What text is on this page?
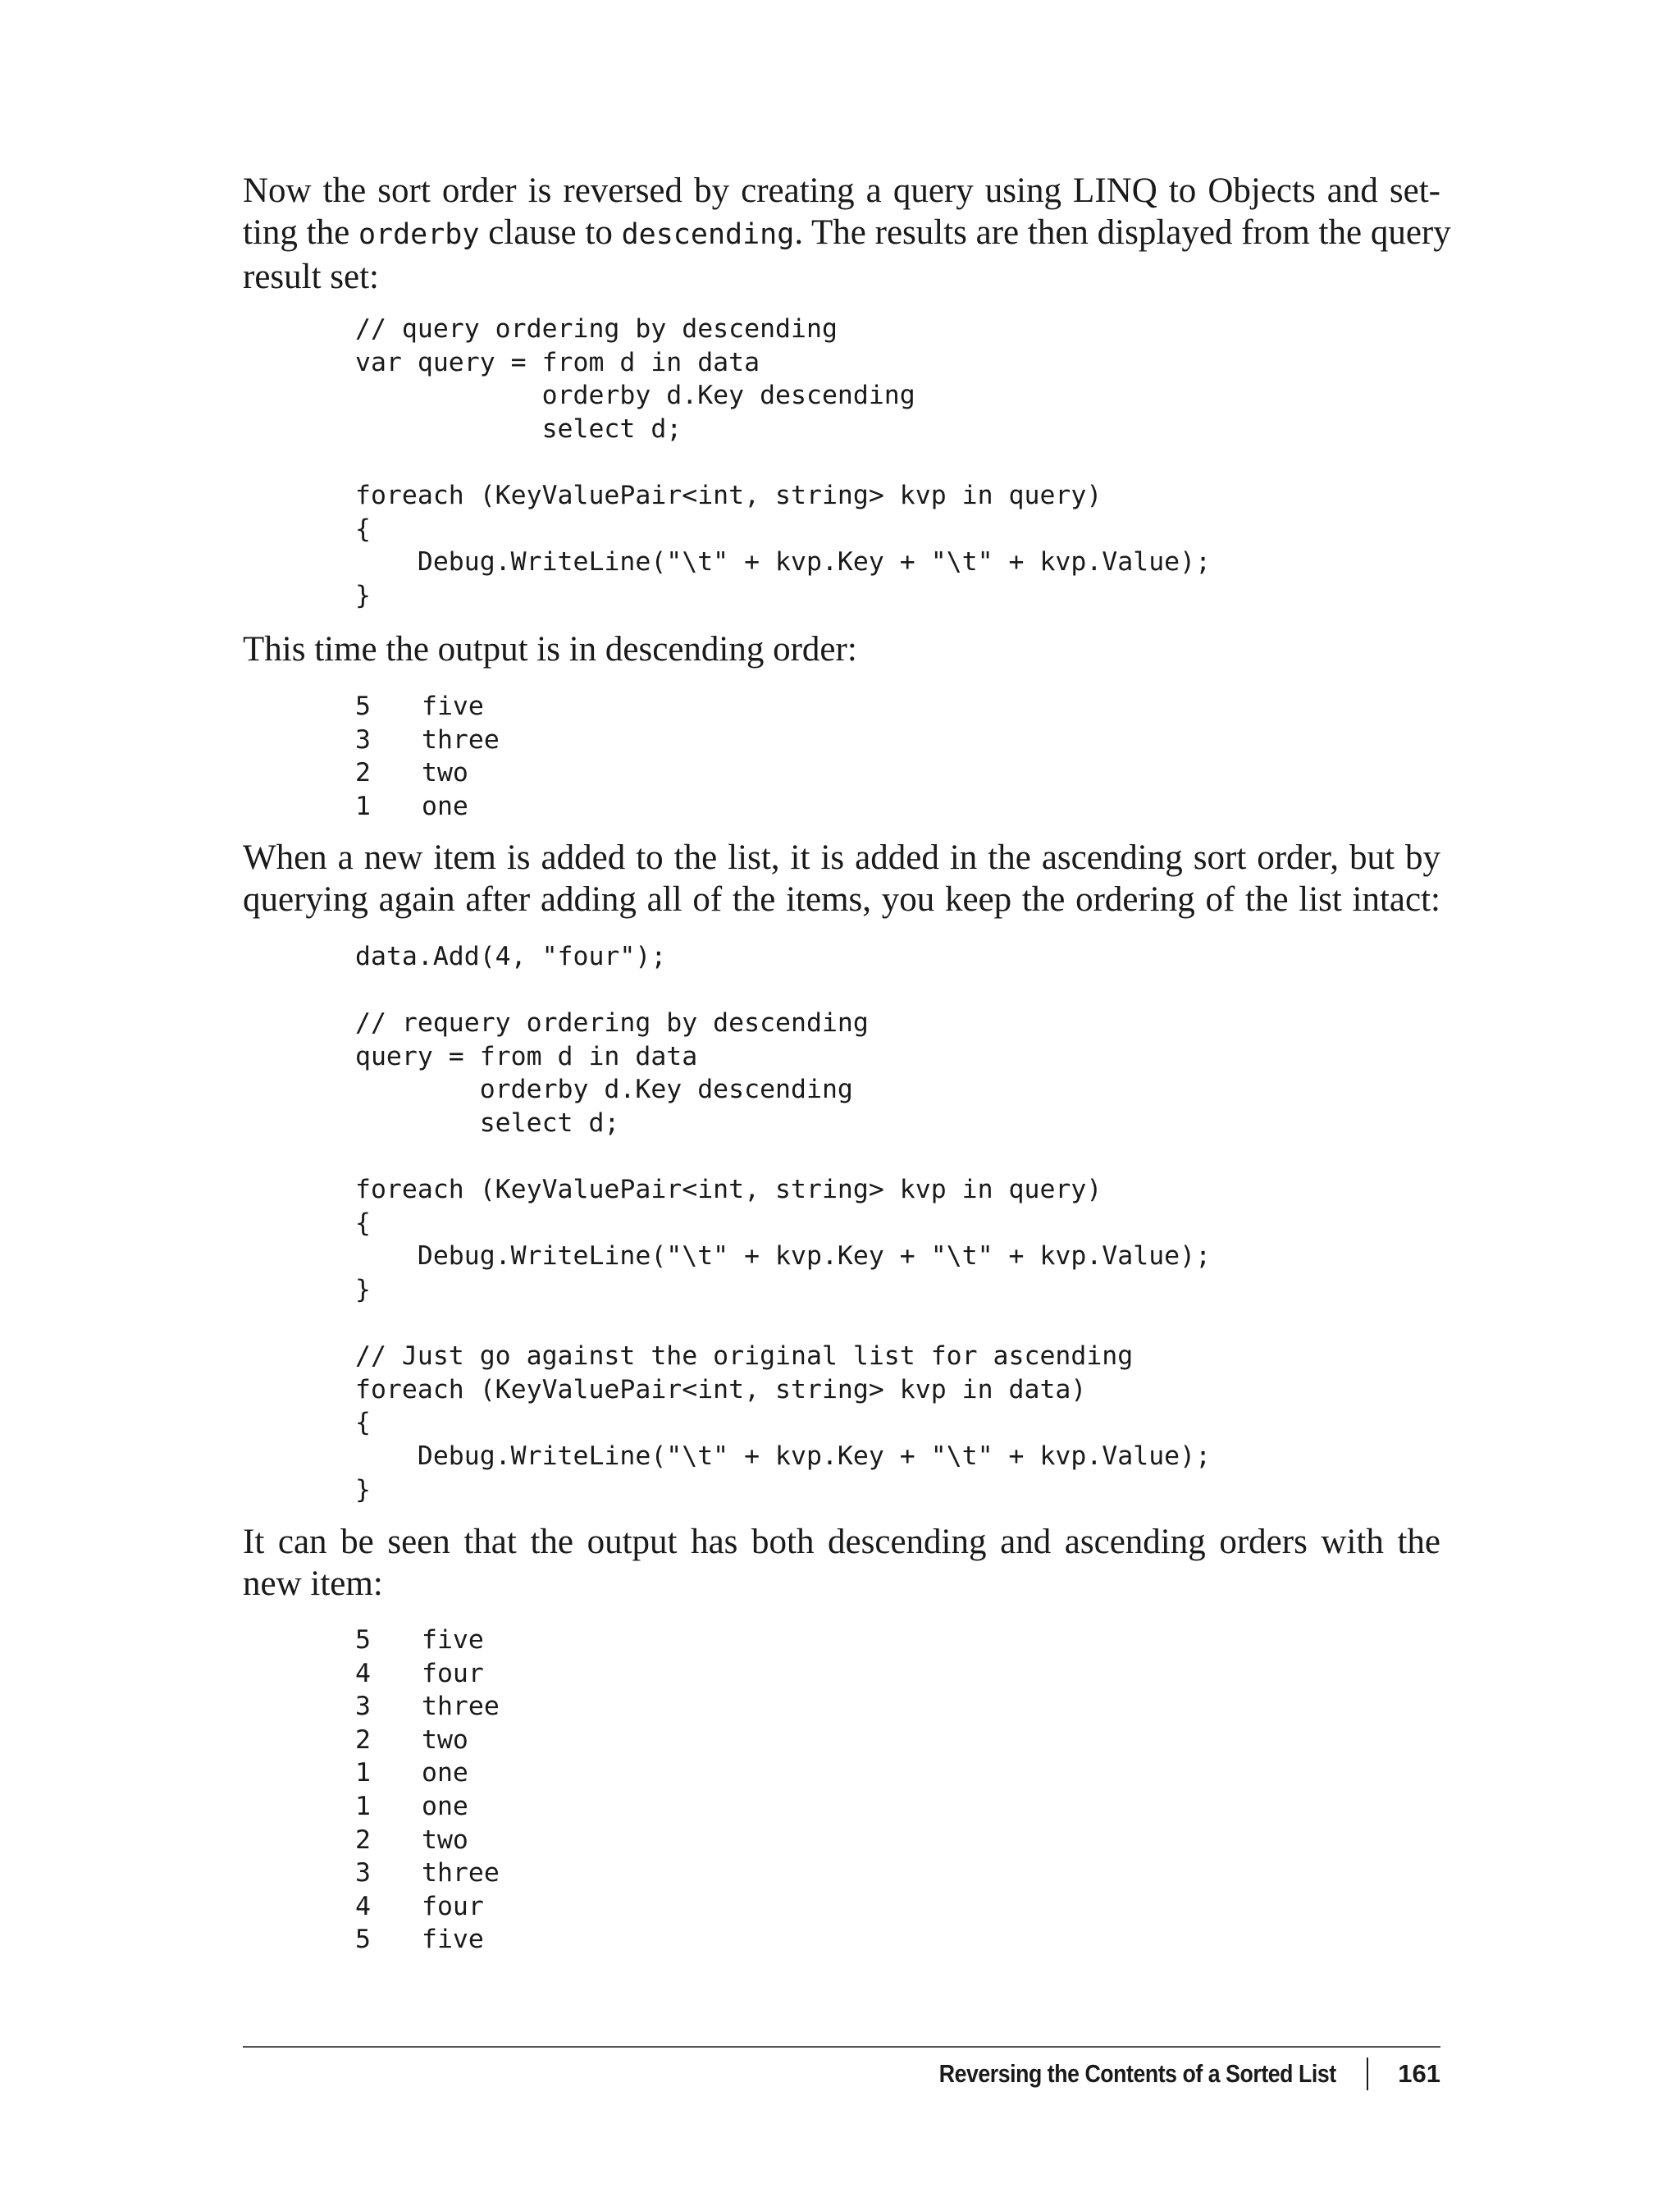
Now the sort order is reversed by creating a query using LINQ to Objects and set-
ting the orderby clause to descending. The results are then displayed from the query
result set:

// query ordering by descending
var query = from d in data
orderby d.Key descending
select d;

foreach (KeyValuePair<int, string> kvp in query)
{
Debug.WriteLine("\t" + kvp.Key + "\t" + kvp.Value);
}

This time the output is in descending order:

5	five
3	three
2	two
1	one

When a new item is added to the list, it is added in the ascending sort order, but by
querying again after adding all of the items, you keep the ordering of the list intact:

data.Add(4, "four");

// requery ordering by descending
query = from d in data
orderby d.Key descending
select d;

foreach (KeyValuePair<int, string> kvp in query)
{
Debug.WriteLine("\t" + kvp.Key + "\t" + kvp.Value);
}

// Just go against the original list for ascending
foreach (KeyValuePair<int, string> kvp in data)
{
Debug.WriteLine("\t" + kvp.Key + "\t" + kvp.Value);
}

It can be seen that the output has both descending and ascending orders with the
new item:

5	five
4	four
3	three
2	two
1	one
1	one
2	two
3	three
4	four
5	five
Reversing the Contents of a Sorted List 161
